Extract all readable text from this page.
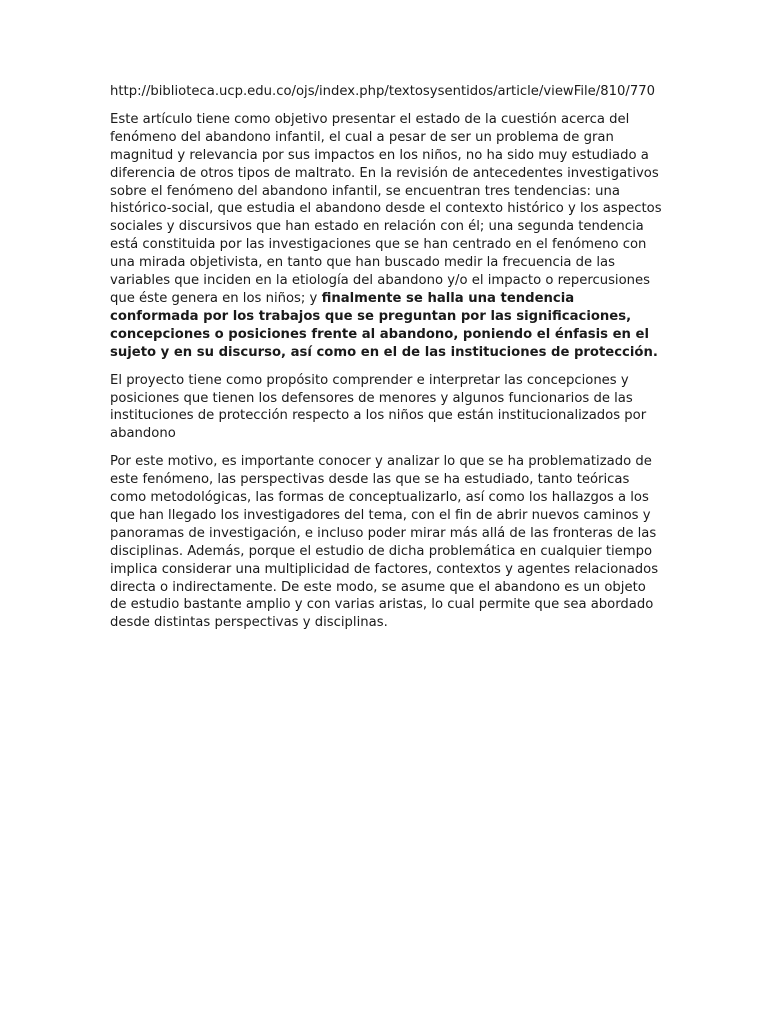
http://biblioteca.ucp.edu.co/ojs/index.php/textosysentidos/article/viewFile/810/770

Este artículo tiene como objetivo presentar el estado de la cuestión acerca del fenómeno del abandono infantil, el cual a pesar de ser un problema de gran magnitud y relevancia por sus impactos en los niños, no ha sido muy estudiado a diferencia de otros tipos de maltrato. En la revisión de antecedentes investigativos sobre el fenómeno del abandono infantil, se encuentran tres tendencias: una histórico-social, que estudia el abandono desde el contexto histórico y los aspectos sociales y discursivos que han estado en relación con él; una segunda tendencia está constituida por las investigaciones que se han centrado en el fenómeno con una mirada objetivista, en tanto que han buscado medir la frecuencia de las variables que inciden en la etiología del abandono y/o el impacto o repercusiones que éste genera en los niños; y finalmente se halla una tendencia conformada por los trabajos que se preguntan por las significaciones, concepciones o posiciones frente al abandono, poniendo el énfasis en el sujeto y en su discurso, así como en el de las instituciones de protección.

El proyecto tiene como propósito comprender e interpretar las concepciones y posiciones que tienen los defensores de menores y algunos funcionarios de las instituciones de protección respecto a los niños que están institucionalizados por abandono

Por este motivo, es importante conocer y analizar lo que se ha problematizado de este fenómeno, las perspectivas desde las que se ha estudiado, tanto teóricas como metodológicas, las formas de conceptualizarlo, así como los hallazgos a los que han llegado los investigadores del tema, con el fin de abrir nuevos caminos y panoramas de investigación, e incluso poder mirar más allá de las fronteras de las disciplinas. Además, porque el estudio de dicha problemática en cualquier tiempo implica considerar una multiplicidad de factores, contextos y agentes relacionados directa o indirectamente. De este modo, se asume que el abandono es un objeto de estudio bastante amplio y con varias aristas, lo cual permite que sea abordado desde distintas perspectivas y disciplinas.
